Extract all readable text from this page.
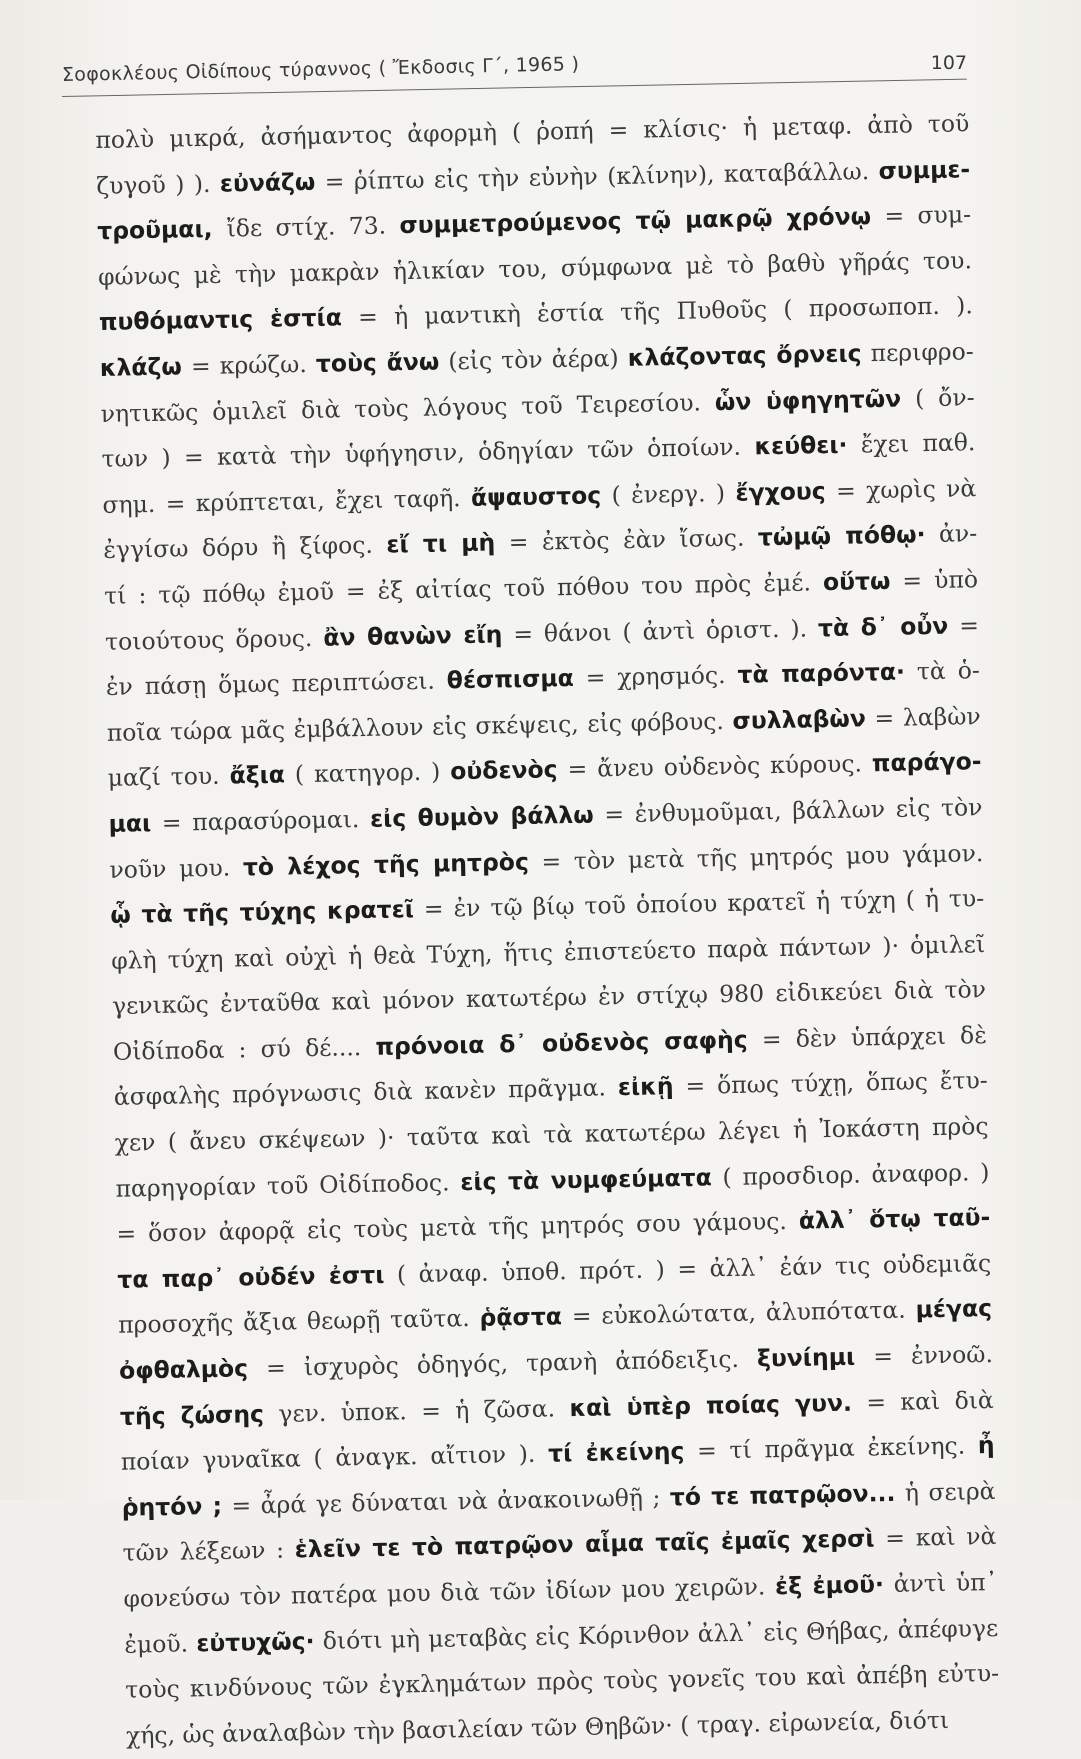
Σοφοκλέους Οἰδίπους τύραννος ( Ἔκδοσις Γ΄, 1965 )	107
πολὺ μικρά, ἀσήμαντος ἀφορμὴ ( ῥοπή = κλίσις· ἡ μεταφ. ἀπὸ τοῦ
ζυγοῦ ) ). εὐνάζω = ῥίπτω εἰς τὴν εὐνὴν (κλίνην), καταβάλλω. συμμε-
τροῦμαι, ἴδε στίχ. 73. συμμετρούμενος τῷ μακρῷ χρόνῳ = συμ-
φώνως μὲ τὴν μακρὰν ἡλικίαν του, σύμφωνα μὲ τὸ βαθὺ γῆράς του.
πυθόμαντις ἑστία = ἡ μαντικὴ ἑστία τῆς Πυθοῦς ( προσωποπ. ).
κλάζω = κρώζω. τοὺς ἄνω (εἰς τὸν ἀέρα) κλάζοντας ὄρνεις περιφρο-
νητικῶς ὁμιλεῖ διὰ τοὺς λόγους τοῦ Τειρεσίου. ὧν ὑφηγητῶν ( ὄν-
των ) = κατὰ τὴν ὑφήγησιν, ὁδηγίαν τῶν ὁποίων. κεύθει· ἔχει παθ.
σημ. = κρύπτεται, ἔχει ταφῆ. ἄψαυστος ( ἐνεργ. ) ἔγχους = χωρὶς νὰ
ἐγγίσω δόρυ ἢ ξίφος. εἴ τι μὴ = ἐκτὸς ἐὰν ἴσως. τὠμῷ πόθῳ· ἀν-
τί : τῷ πόθῳ ἐμοῦ = ἐξ αἰτίας τοῦ πόθου του πρὸς ἐμέ. οὕτω = ὑπὸ
τοιούτους ὅρους. ἂν θανὼν εἴη = θάνοι ( ἀντὶ ὁριστ. ). τὰ δ᾽ οὖν =
ἐν πάσῃ ὅμως περιπτώσει. θέσπισμα = χρησμός. τὰ παρόντα· τὰ ὁ-
ποῖα τώρα μᾶς ἐμβάλλουν εἰς σκέψεις, εἰς φόβους. συλλαβὼν = λαβὼν
μαζί του. ἄξια ( κατηγορ. ) οὐδενὸς = ἄνευ οὐδενὸς κύρους. παράγο-
μαι = παρασύρομαι. εἰς θυμὸν βάλλω = ἐνθυμοῦμαι, βάλλων εἰς τὸν
νοῦν μου. τὸ λέχος τῆς μητρὸς = τὸν μετὰ τῆς μητρός μου γάμον.
ᾧ τὰ τῆς τύχης κρατεῖ = ἐν τῷ βίῳ τοῦ ὁποίου κρατεῖ ἡ τύχη ( ἡ τυ-
φλὴ τύχη καὶ οὐχὶ ἡ θεὰ Τύχη, ἥτις ἐπιστεύετο παρὰ πάντων )· ὁμιλεῖ
γενικῶς ἐνταῦθα καὶ μόνον κατωτέρω ἐν στίχῳ 980 εἰδικεύει διὰ τὸν
Οἰδίποδα : σύ δέ.... πρόνοια δ᾽ οὐδενὸς σαφὴς = δὲν ὑπάρχει δὲ
ἀσφαλὴς πρόγνωσις διὰ κανὲν πρᾶγμα. εἰκῇ = ὅπως τύχῃ, ὅπως ἔτυ-
χεν ( ἄνευ σκέψεων )· ταῦτα καὶ τὰ κατωτέρω λέγει ἡ Ἰοκάστη πρὸς
παρηγορίαν τοῦ Οἰδίποδος. εἰς τὰ νυμφεύματα ( προσδιορ. ἀναφορ. )
= ὅσον ἀφορᾷ εἰς τοὺς μετὰ τῆς μητρός σου γάμους. ἀλλ᾽ ὅτῳ ταῦ-
τα παρ᾽ οὐδέν ἐστι ( ἀναφ. ὑποθ. πρότ. ) = ἀλλ᾽ ἐάν τις οὐδεμιᾶς
προσοχῆς ἄξια θεωρῇ ταῦτα. ῥᾷστα = εὐκολώτατα, ἀλυπότατα. μέγας
ὀφθαλμὸς = ἰσχυρὸς ὁδηγός, τρανὴ ἀπόδειξις. ξυνίημι = ἐννοῶ.
τῆς ζώσης γεν. ὑποκ. = ἡ ζῶσα. καὶ ὑπὲρ ποίας γυν. = καὶ διὰ
ποίαν γυναῖκα ( ἀναγκ. αἴτιον ). τί ἐκείνης = τί πρᾶγμα ἐκείνης. ἦ
ῥητόν ; = ἆρά γε δύναται νὰ ἀνακοινωθῇ ; τό τε πατρῷον... ἡ σειρὰ
τῶν λέξεων : ἑλεῖν τε τὸ πατρῷον αἷμα ταῖς ἐμαῖς χερσὶ = καὶ νὰ
φονεύσω τὸν πατέρα μου διὰ τῶν ἰδίων μου χειρῶν. ἐξ ἐμοῦ· ἀντὶ ὑπ᾽
ἐμοῦ. εὐτυχῶς· διότι μὴ μεταβὰς εἰς Κόρινθον ἀλλ᾽ εἰς Θήβας, ἀπέφυγε
τοὺς κινδύνους τῶν ἐγκλημάτων πρὸς τοὺς γονεῖς του καὶ ἀπέβη εὐτυ-
χής, ὡς ἀναλαβὼν τὴν βασιλείαν τῶν Θηβῶν· ( τραγ. εἰρωνεία, διότι
